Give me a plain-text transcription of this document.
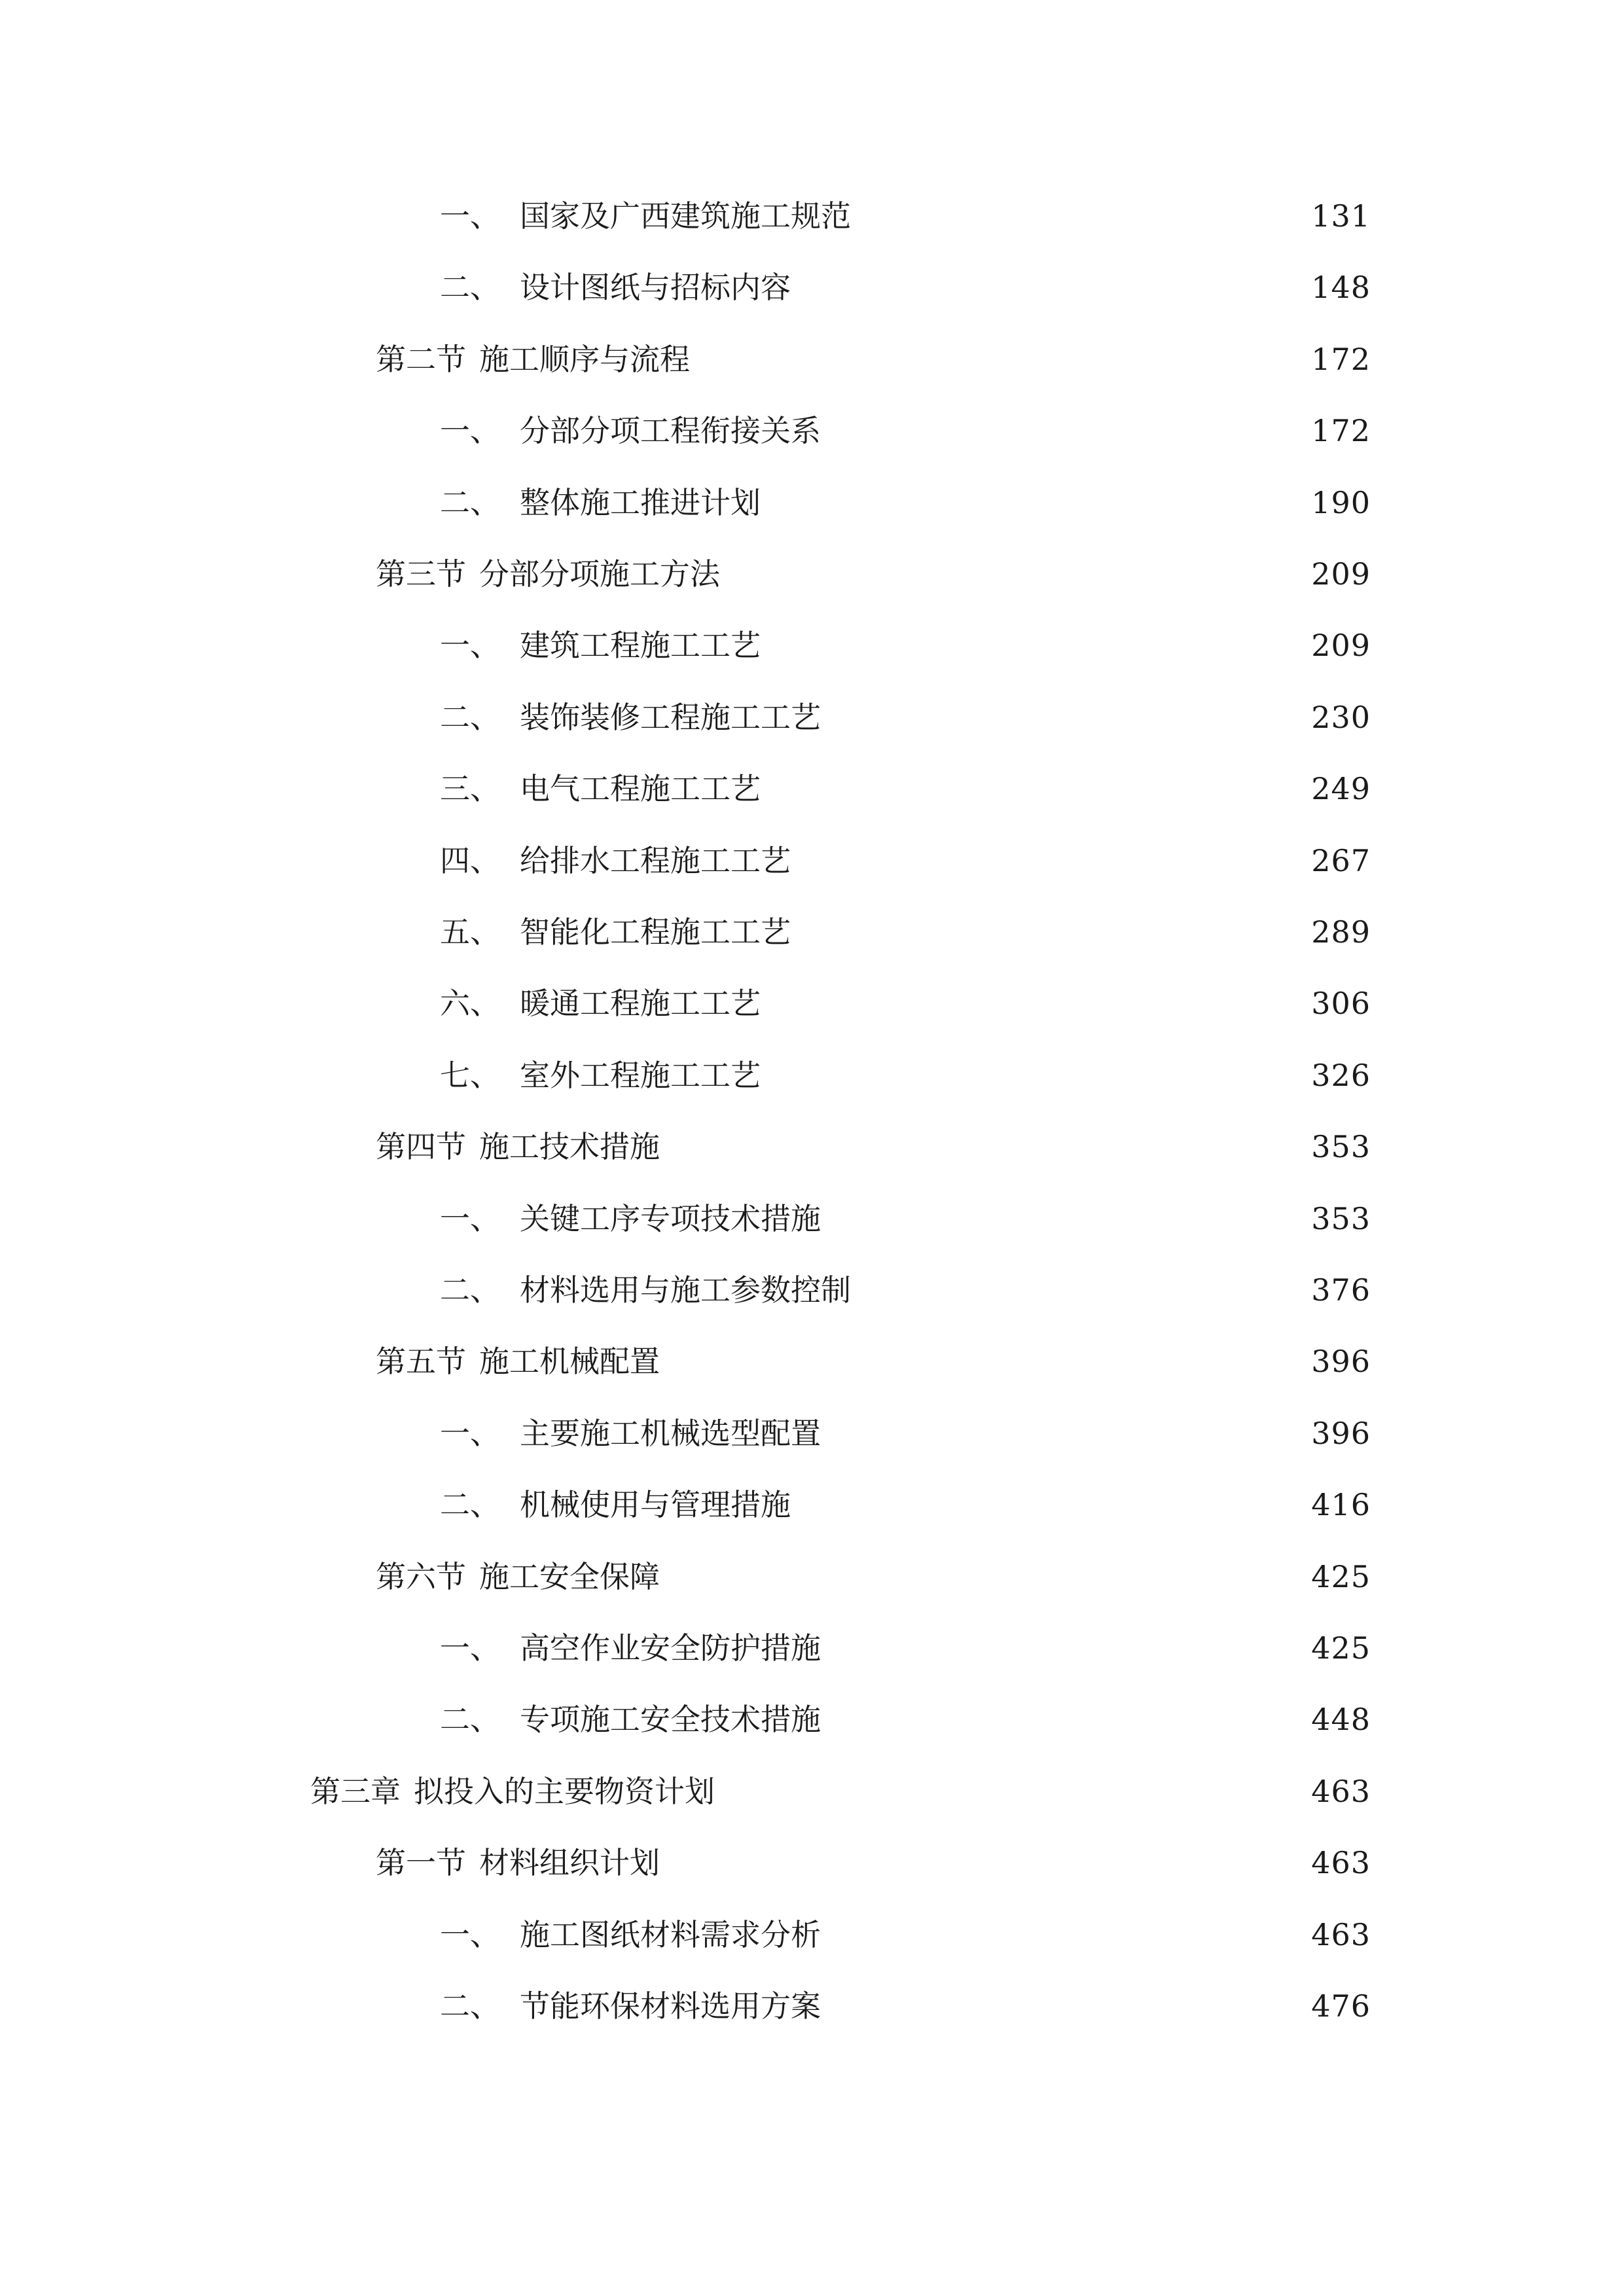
一、 国家及广西建筑施工规范	131
二、 设计图纸与招标内容	148
第二节 施工顺序与流程	172
一、 分部分项工程衔接关系	172
二、 整体施工推进计划	190
第三节 分部分项施工方法	209
一、 建筑工程施工工艺	209
二、 装饰装修工程施工工艺	230
三、 电气工程施工工艺	249
四、 给排水工程施工工艺	267
五、 智能化工程施工工艺	289
六、 暖通工程施工工艺	306
七、 室外工程施工工艺	326
第四节 施工技术措施	353
一、 关键工序专项技术措施	353
二、 材料选用与施工参数控制	376
第五节 施工机械配置	396
一、 主要施工机械选型配置	396
二、 机械使用与管理措施	416
第六节 施工安全保障	425
一、 高空作业安全防护措施	425
二、 专项施工安全技术措施	448
第三章 拟投入的主要物资计划	463
第一节 材料组织计划	463
一、 施工图纸材料需求分析	463
二、 节能环保材料选用方案	476
